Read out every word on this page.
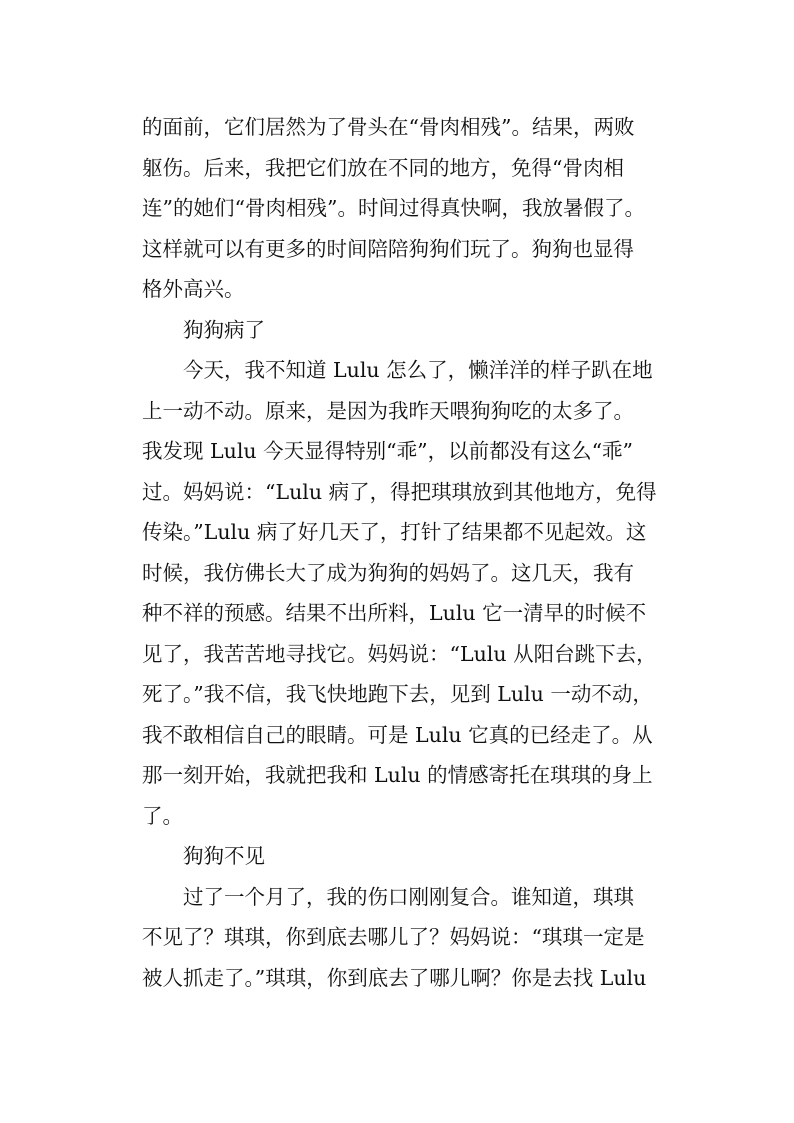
的面前，它们居然为了骨头在“骨肉相残”。结果，两败
躯伤。后来，我把它们放在不同的地方，免得“骨肉相
连”的她们“骨肉相残”。时间过得真快啊，我放暑假了。
这样就可以有更多的时间陪陪狗狗们玩了。狗狗也显得
格外高兴。
狗狗病了
今天，我不知道 Lulu 怎么了，懒洋洋的样子趴在地
上一动不动。原来，是因为我昨天喂狗狗吃的太多了。
我发现 Lulu 今天显得特别“乖”，以前都没有这么“乖”
过。妈妈说：“Lulu 病了，得把琪琪放到其他地方，免得
传染。”Lulu 病了好几天了，打针了结果都不见起效。这
时候，我仿佛长大了成为狗狗的妈妈了。这几天，我有
种不祥的预感。结果不出所料，Lulu 它一清早的时候不
见了，我苦苦地寻找它。妈妈说：“Lulu 从阳台跳下去，
死了。”我不信，我飞快地跑下去，见到 Lulu 一动不动，
我不敢相信自己的眼睛。可是 Lulu 它真的已经走了。从
那一刻开始，我就把我和 Lulu 的情感寄托在琪琪的身上
了。
狗狗不见
过了一个月了，我的伤口刚刚复合。谁知道，琪琪
不见了？琪琪，你到底去哪儿了？妈妈说：“琪琪一定是
被人抓走了。”琪琪，你到底去了哪儿啊？你是去找 Lulu
